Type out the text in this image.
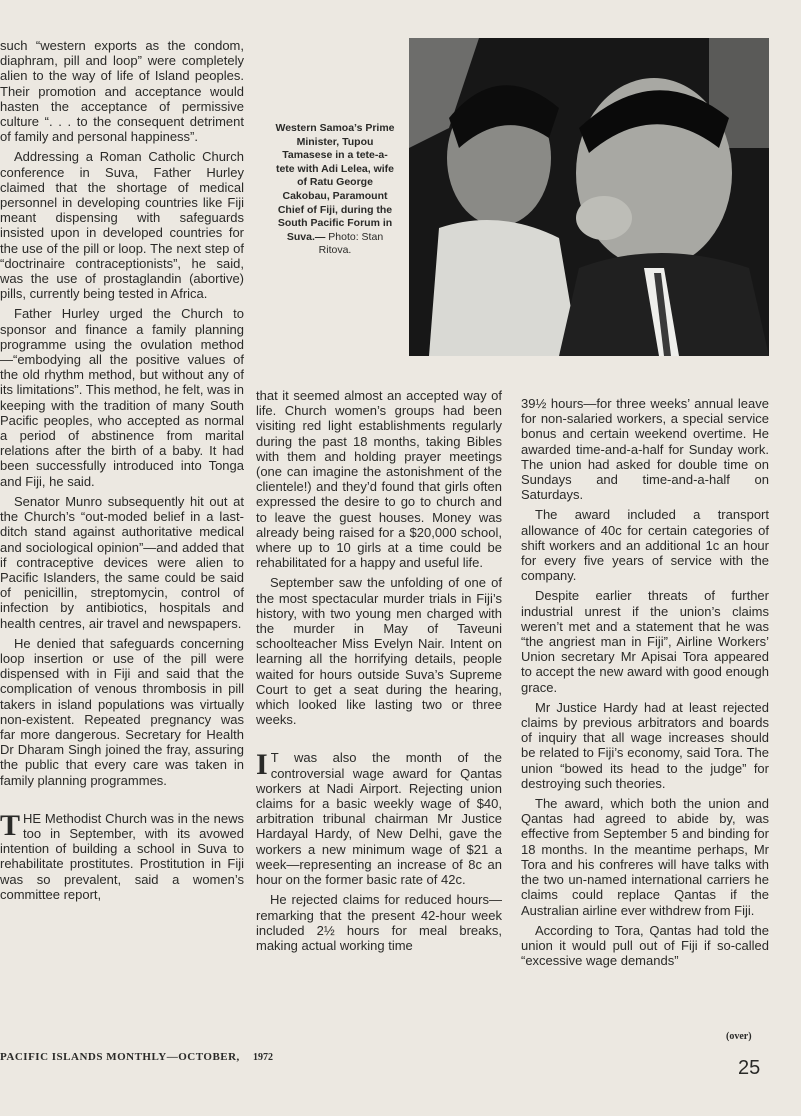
such “western exports as the condom, diaphram, pill and loop” were completely alien to the way of life of Island peoples. Their promotion and acceptance would hasten the acceptance of permissive culture “. . . to the consequent detriment of family and personal happiness”.

Addressing a Roman Catholic Church conference in Suva, Father Hurley claimed that the shortage of medical personnel in developing countries like Fiji meant dispensing with safeguards insisted upon in developed countries for the use of the pill or loop. The next step of “doctrinaire contraceptionists”, he said, was the use of prostaglandin (abortive) pills, currently being tested in Africa.

Father Hurley urged the Church to sponsor and finance a family planning programme using the ovulation method—“embodying all the positive values of the old rhythm method, but without any of its limitations”. This method, he felt, was in keeping with the tradition of many South Pacific peoples, who accepted as normal a period of abstinence from marital relations after the birth of a baby. It had been successfully introduced into Tonga and Fiji, he said.

Senator Munro subsequently hit out at the Church’s “out-moded belief in a last-ditch stand against authoritative medical and sociological opinion”—and added that if contraceptive devices were alien to Pacific Islanders, the same could be said of penicillin, streptomycin, control of infection by antibiotics, hospitals and health centres, air travel and newspapers.

He denied that safeguards concerning loop insertion or use of the pill were dispensed with in Fiji and said that the complication of venous thrombosis in pill takers in island populations was virtually non-existent. Repeated pregnancy was far more dangerous. Secretary for Health Dr Dharam Singh joined the fray, assuring the public that every care was taken in family planning programmes.

THE Methodist Church was in the news too in September, with its avowed intention of building a school in Suva to rehabilitate prostitutes. Prostitution in Fiji was so prevalent, said a women’s committee report,

Western Samoa’s Prime Minister, Tupou Tamasese in a tete-a-tete with Adi Lelea, wife of Ratu George Cakobau, Paramount Chief of Fiji, during the South Pacific Forum in Suva.— Photo: Stan Ritova.

that it seemed almost an accepted way of life. Church women’s groups had been visiting red light establishments regularly during the past 18 months, taking Bibles with them and holding prayer meetings (one can imagine the astonishment of the clientele!) and they’d found that girls often expressed the desire to go to church and to leave the guest houses. Money was already being raised for a $20,000 school, where up to 10 girls at a time could be rehabilitated for a happy and useful life.

September saw the unfolding of one of the most spectacular murder trials in Fiji’s history, with two young men charged with the murder in May of Taveuni schoolteacher Miss Evelyn Nair. Intent on learning all the horrifying details, people waited for hours outside Suva’s Supreme Court to get a seat during the hearing, which looked like lasting two or three weeks.

I T was also the month of the controversial wage award for Qantas workers at Nadi Airport. Rejecting union claims for a basic weekly wage of $40, arbitration tribunal chairman Mr Justice Hardayal Hardy, of New Delhi, gave the workers a new minimum wage of $21 a week—representing an increase of 8c an hour on the former basic rate of 42c.

He rejected claims for reduced hours—remarking that the present 42-hour week included 2½ hours for meal breaks, making actual working time

39½ hours—for three weeks’ annual leave for non-salaried workers, a special service bonus and certain weekend overtime. He awarded time-and-a-half for Sunday work. The union had asked for double time on Sundays and time-and-a-half on Saturdays.

The award included a transport allowance of 40c for certain categories of shift workers and an additional 1c an hour for every five years of service with the company.

Despite earlier threats of further industrial unrest if the union’s claims weren’t met and a statement that he was “the angriest man in Fiji”, Airline Workers’ Union secretary Mr Apisai Tora appeared to accept the new award with good enough grace.

Mr Justice Hardy had at least rejected claims by previous arbitrators and boards of inquiry that all wage increases should be related to Fiji’s economy, said Tora. The union “bowed its head to the judge” for destroying such theories.

The award, which both the union and Qantas had agreed to abide by, was effective from September 5 and binding for 18 months. In the meantime perhaps, Mr Tora and his confreres will have talks with the two un-named international carriers he claims could replace Qantas if the Australian airline ever withdrew from Fiji.

According to Tora, Qantas had told the union it would pull out of Fiji if so-called “excessive wage demands”

PACIFIC ISLANDS MONTHLY—OCTOBER, 1972
(over)
25
